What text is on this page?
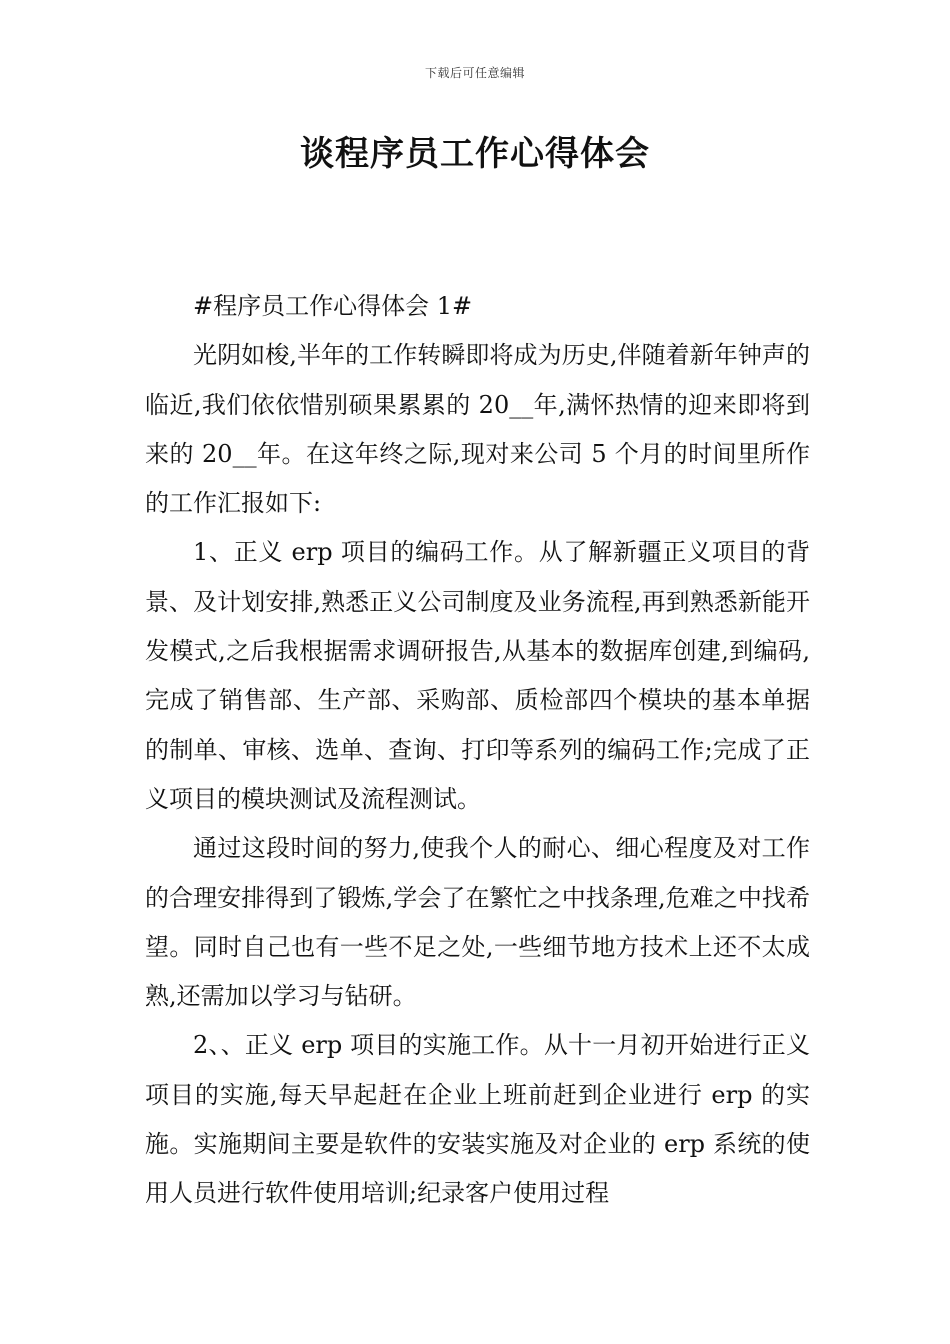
下载后可任意编辑
谈程序员工作心得体会

#程序员工作心得体会 1#

光阴如梭,半年的工作转瞬即将成为历史,伴随着新年钟声的临近,我们依依惜别硕果累累的 20__年,满怀热情的迎来即将到来的 20__年。在这年终之际,现对来公司 5 个月的时间里所作的工作汇报如下:

1、正义 erp 项目的编码工作。从了解新疆正义项目的背景、及计划安排,熟悉正义公司制度及业务流程,再到熟悉新能开发模式,之后我根据需求调研报告,从基本的数据库创建,到编码,完成了销售部、生产部、采购部、质检部四个模块的基本单据的制单、审核、选单、查询、打印等系列的编码工作;完成了正义项目的模块测试及流程测试。

通过这段时间的努力,使我个人的耐心、细心程度及对工作的合理安排得到了锻炼,学会了在繁忙之中找条理,危难之中找希望。同时自己也有一些不足之处,一些细节地方技术上还不太成熟,还需加以学习与钻研。

2、、正义 erp 项目的实施工作。从十一月初开始进行正义项目的实施,每天早起赶在企业上班前赶到企业进行 erp 的实施。实施期间主要是软件的安装实施及对企业的 erp 系统的使用人员进行软件使用培训;纪录客户使用过程
